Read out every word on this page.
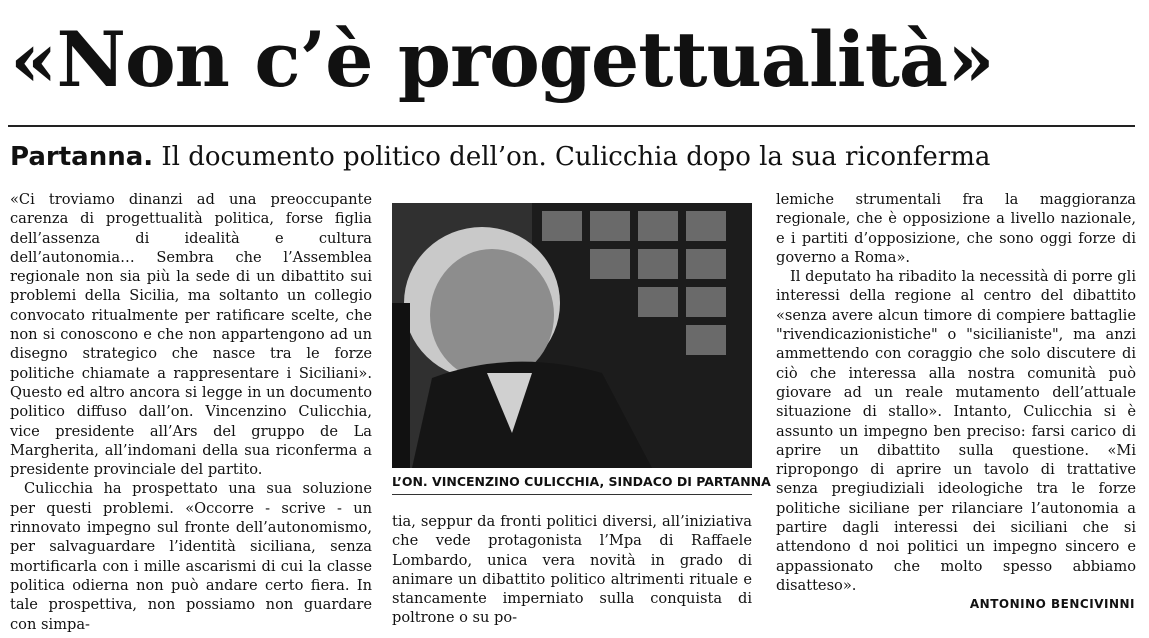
«Non c’è progettualità»
Partanna. Il documento politico dell’on. Culicchia dopo la sua riconferma

«Ci troviamo dinanzi ad una preoccupante carenza di progettualità politica, forse figlia dell’assenza di idealità e cultura dell’autonomia… Sembra che l’Assemblea regionale non sia più la sede di un dibattito sui problemi della Sicilia, ma soltanto un collegio convocato ritualmente per ratificare scelte, che non si conoscono e che non appartengono ad un disegno strategico che nasce tra le forze politiche chiamate a rappresentare i Siciliani». Questo ed altro ancora si legge in un documento politico diffuso dall’on. Vincenzino Culicchia, vice presidente all’Ars del gruppo de La Margherita, all’indomani della sua riconferma a presidente provinciale del partito.

Culicchia ha prospettato una sua soluzione per questi problemi. «Occorre - scrive - un rinnovato impegno sul fronte dell’autonomismo, per salvaguardare l’identità siciliana, senza mortificarla con i mille ascarismi di cui la classe politica odierna non può andare certo fiera. In tale prospettiva, non possiamo non guardare con simpa-

L’ON. VINCENZINO CULICCHIA, SINDACO DI PARTANNA

tia, seppur da fronti politici diversi, all’iniziativa che vede protagonista l’Mpa di Raffaele Lombardo, unica vera novità in grado di animare un dibattito politico altrimenti rituale e stancamente imperniato sulla conquista di poltrone o su po-

lemiche strumentali fra la maggioranza regionale, che è opposizione a livello nazionale, e i partiti d’opposizione, che sono oggi forze di governo a Roma».

Il deputato ha ribadito la necessità di porre gli interessi della regione al centro del dibattito «senza avere alcun timore di compiere battaglie "rivendicazionistiche" o "sicilianiste", ma anzi ammettendo con coraggio che solo discutere di ciò che interessa alla nostra comunità può giovare ad un reale mutamento dell’attuale situazione di stallo». Intanto, Culicchia si è assunto un impegno ben preciso: farsi carico di aprire un dibattito sulla questione. «Mi ripropongo di aprire un tavolo di trattative senza pregiudiziali ideologiche tra le forze politiche siciliane per rilanciare l’autonomia a partire dagli interessi dei siciliani che si attendono d noi politici un impegno sincero e appassionato che molto spesso abbiamo disatteso».

ANTONINO BENCIVINNI
